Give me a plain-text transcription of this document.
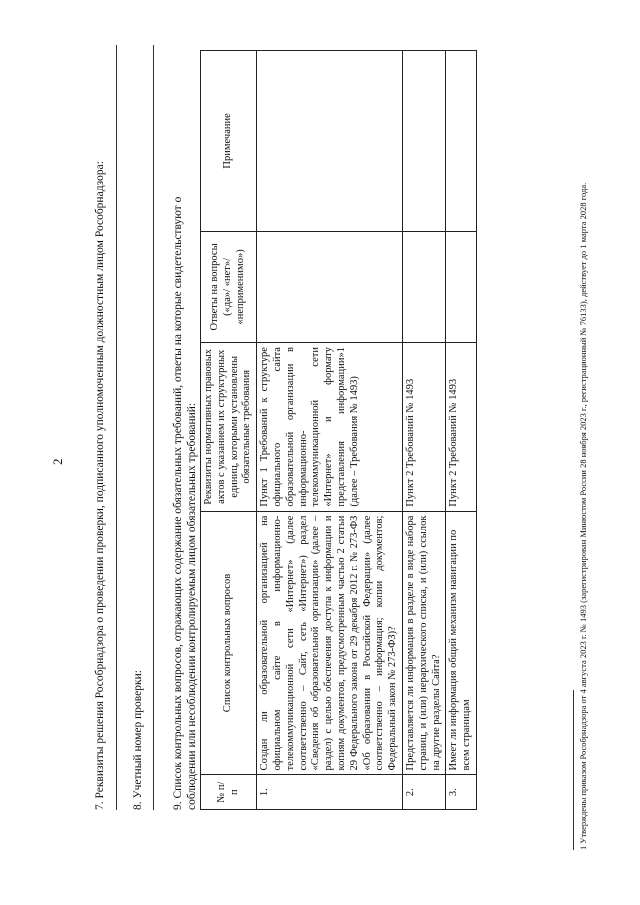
2	7. Реквизиты решения Рособрнадзора о проведении проверки, подписанного уполномоченным должностным лицом Рособрнадзора: 8. Учетный номер проверки: 9. Список контрольных вопросов, отражающих содержание обязательных требований, ответы на которые свидетельствуют о соблюдении или несоблюдении контролируемым лицом обязательных требований: № п/п	Список контрольных вопросов	Реквизиты нормативных правовых актов с указанием их структурных единиц, которыми установлены обязательные требования	Ответы на вопросы («да»/ «нет»/ «неприменимо»)	Примечание
1.	Создан ли образовательной организацией на официальном сайте в информационно-телекоммуникационной сети «Интернет» (далее соответственно – Сайт, сеть «Интернет») раздел «Сведения об образовательной организации» (далее – раздел) с целью обеспечения доступа к информации и копиям документов, предусмотренным частью 2 статьи 29 Федерального закона от 29 декабря 2012 г. № 273-ФЗ «Об образовании в Российской Федерации» (далее соответственно – информация; копии документов; Федеральный закон № 273-ФЗ)?	Пункт 1 Требований к структуре официального сайта образовательной организации в информационно-телекоммуникационной сети «Интернет» и формату представления информации»1 (далее – Требования № 1493)		
2.	Представляется ли информация в разделе в виде набора страниц, и (или) иерархического списка, и (или) ссылок на другие разделы Сайта?	Пункт 2 Требований № 1493		
3.	Имеет ли информация общий механизм навигации по всем страницам	Пункт 2 Требований № 1493			1 Утверждены приказом Рособрнадзора от 4 августа 2023 г. № 1493 (зарегистрирован Минюстом России 28 ноября 2023 г., регистрационный № 76133), действует до 1 марта 2028 года.
